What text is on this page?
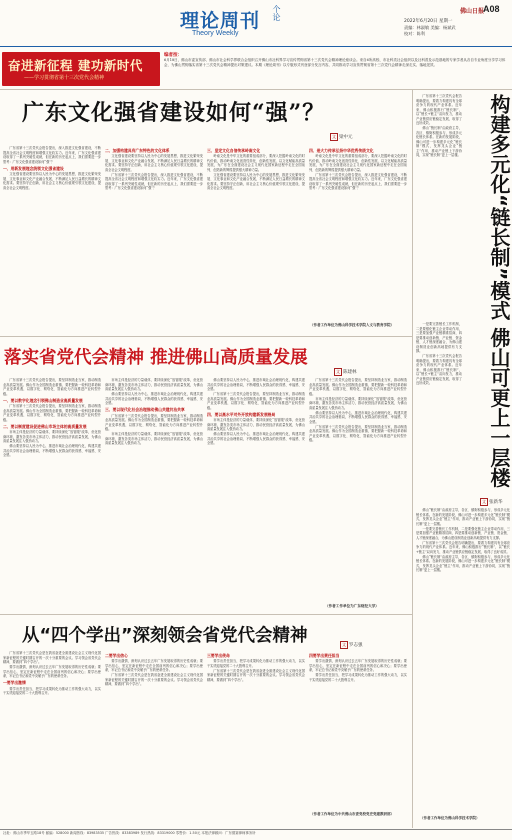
理论周刊 个论
Theory Weekly
佛山日报
A08
2022年6月20日 星期一
责编：林淑敏 美编：杨斌武
校对：陈利
奋进新征程 建功新时代
——学习贯彻省第十三次党代会精神
编者按：
6月18日，佛山市委宣传部、佛山市社会科学界联合会组织召开佛山市社科界学习宣传贯彻省第十三次党代会精神理论座谈会。来自6所高校、市社科类社会组织以及社科普及示范基地的专家学者从各自专业角度分享学习体会，为佛山贯彻落实省第十三次党代会精神提出对策建议。本期《理论周刊》以专版形式刊登部分发言内容，共同推动学习宣传贯彻省第十三次党代会精神走深走实、落地见效。
广东文化强省建设如何“强”？
文 梁中元

广东省第十三次党代会报告提出，深入推进文化强省建设，不断提高全省社会文明程度和增强文化软实力。近年来，广东文化强省建设取得了一系列突破性成就，但在新的历史起点上，我们需要进一步思考：广东文化强省建设如何“强”？

一、用新发展理念统领文化强省建设

文化强省建设要坚持以人民为中心的发展思想，推进文化繁荣发展、文化事业和文化产业融合发展，不断满足人民日益增长的精神文化需求。要坚持守正创新，用社会主义核心价值观引领文化建设，提高全社会文明程度。

二、加强构建具有广东特色的文化体系

文化强省建设要坚持以人民为中心的发展思想，推进文化繁荣发展、文化事业和文化产业融合发展，不断满足人民日益增长的精神文化需求。要坚持守正创新，用社会主义核心价值观引领文化建设，提高全社会文明程度。

广东省第十三次党代会报告提出，深入推进文化强省建设，不断提高全省社会文明程度和增强文化软实力。近年来，广东文化强省建设取得了一系列突破性成就，但在新的历史起点上，我们需要进一步思考：广东文化强省建设如何“强”？

三、坚定文化自信传承岭南文化

岭南文化是中华文化的重要组成部分，要深入挖掘岭南文化的时代价值，推动岭南文化创造性转化、创新性发展，以文化赋能高质量发展，为广东在全面建设社会主义现代化国家新征程中走在全国前列、创造新的辉煌提供强大精神力量。

文化强省建设要坚持以人民为中心的发展思想，推进文化繁荣发展、文化事业和文化产业融合发展，不断满足人民日益增长的精神文化需求。要坚持守正创新，用社会主义核心价值观引领文化建设，提高全社会文明程度。

四、是大力传承弘扬中华优秀传统文化

岭南文化是中华文化的重要组成部分，要深入挖掘岭南文化的时代价值，推动岭南文化创造性转化、创新性发展，以文化赋能高质量发展，为广东在全面建设社会主义现代化国家新征程中走在全国前列、创造新的辉煌提供强大精神力量。

广东省第十三次党代会报告提出，深入推进文化强省建设，不断提高全省社会文明程度和增强文化软实力。近年来，广东文化强省建设取得了一系列突破性成就，但在新的历史起点上，我们需要进一步思考：广东文化强省建设如何“强”？

（作者工作单位为佛山科学技术学院人文与教育学院）
落实省党代会精神 推进佛山高质量发展
文 陈建林

广东省第十三次党代会报告提出，要坚持制造业当家，推动制造业高质量发展。佛山作为全国制造业重镇，要把握新一轮科技革命和产业变革机遇，以数字化、网络化、智能化为方向推进产业转型升级。

一、要以数字化理念引领佛山制造业高质量发展

广东省第十三次党代会报告提出，要坚持制造业当家，推动制造业高质量发展。佛山作为全国制造业重镇，要把握新一轮科技革命和产业变革机遇，以数字化、网络化、智能化为方向推进产业转型升级。

二、要以制度建设促进佛山市场主体的高质量发展

市场主体是经济的力量载体，要持续深化“放管服”改革，优化营商环境，激发各类市场主体活力，推动民营经济高质量发展，为佛山高质量发展注入强劲动力。

佛山要坚持以人民为中心，推进市域社会治理现代化，构建共建共治共享的社会治理格局，不断增强人民群众的获得感、幸福感、安全感。

市场主体是经济的力量载体，要持续深化“放管服”改革，优化营商环境，激发各类市场主体活力，推动民营经济高质量发展，为佛山高质量发展注入强劲动力。

佛山要坚持以人民为中心，推进市域社会治理现代化，构建共建共治共享的社会治理格局，不断增强人民群众的获得感、幸福感、安全感。

三、要以现代化社会治理推动佛山共建共治共享

广东省第十三次党代会报告提出，要坚持制造业当家，推动制造业高质量发展。佛山作为全国制造业重镇，要把握新一轮科技革命和产业变革机遇，以数字化、网络化、智能化为方向推进产业转型升级。

市场主体是经济的力量载体，要持续深化“放管服”改革，优化营商环境，激发各类市场主体活力，推动民营经济高质量发展，为佛山高质量发展注入强劲动力。

佛山要坚持以人民为中心，推进市域社会治理现代化，构建共建共治共享的社会治理格局，不断增强人民群众的获得感、幸福感、安全感。

广东省第十三次党代会报告提出，要坚持制造业当家，推动制造业高质量发展。佛山作为全国制造业重镇，要把握新一轮科技革命和产业变革机遇，以数字化、网络化、智能化为方向推进产业转型升级。

四、要以高水平对外开放构建新发展格局

市场主体是经济的力量载体，要持续深化“放管服”改革，优化营商环境，激发各类市场主体活力，推动民营经济高质量发展，为佛山高质量发展注入强劲动力。

佛山要坚持以人民为中心，推进市域社会治理现代化，构建共建共治共享的社会治理格局，不断增强人民群众的获得感、幸福感、安全感。

广东省第十三次党代会报告提出，要坚持制造业当家，推动制造业高质量发展。佛山作为全国制造业重镇，要把握新一轮科技革命和产业变革机遇，以数字化、网络化、智能化为方向推进产业转型升级。

市场主体是经济的力量载体，要持续深化“放管服”改革，优化营商环境，激发各类市场主体活力，推动民营经济高质量发展，为佛山高质量发展注入强劲动力。

佛山要坚持以人民为中心，推进市域社会治理现代化，构建共建共治共享的社会治理格局，不断增强人民群众的获得感、幸福感、安全感。

广东省第十三次党代会报告提出，要坚持制造业当家，推动制造业高质量发展。佛山作为全国制造业重镇，要把握新一轮科技革命和产业变革机遇，以数字化、网络化、智能化为方向推进产业转型升级。

（作者工作单位为广东财经大学）
从“四个学出”深刻领会省党代会精神	文 罗志强

广东省第十三次党代会是在我省奋进全面建设社会主义现代化国家新征程的关键时期召开的一次十分重要的会议。学习领会省党代会精神，要做到“四个学出”。

要学出激情，深刻认识过去五年广东发展取得的历史性成就；要学出信心，坚定在新征程中走在全国前列的信心和决心；要学出使命，牢记总书记和党中央赋予广东的使命任务。

一要学出激情

要学出责任担当，把学习成果转化为推动工作的强大动力，以实干实绩迎接党的二十大胜利召开。

二要学出信心

要学出激情，深刻认识过去五年广东发展取得的历史性成就；要学出信心，坚定在新征程中走在全国前列的信心和决心；要学出使命，牢记总书记和党中央赋予广东的使命任务。

广东省第十三次党代会是在我省奋进全面建设社会主义现代化国家新征程的关键时期召开的一次十分重要的会议。学习领会省党代会精神，要做到“四个学出”。

三要学出使命

要学出责任担当，把学习成果转化为推动工作的强大动力，以实干实绩迎接党的二十大胜利召开。

广东省第十三次党代会是在我省奋进全面建设社会主义现代化国家新征程的关键时期召开的一次十分重要的会议。学习领会省党代会精神，要做到“四个学出”。

四要学出责任担当

要学出激情，深刻认识过去五年广东发展取得的历史性成就；要学出信心，坚定在新征程中走在全国前列的信心和决心；要学出使命，牢记总书记和党中央赋予广东的使命任务。

要学出责任担当，把学习成果转化为推动工作的强大动力，以实干实绩迎接党的二十大胜利召开。

（作者工作单位为中共佛山市委党校党史党建教研部）

广东省第十三次党代会报告明确提出，要着力构建具有全球竞争力的现代产业体系。近年来，佛山积极推行“链长制”，以“链长+链主”双向发力，推动产业链供应链稳定发展，取得了良好成效。

佛山“链长制”由政府主导，各区、镇街积极参与，形成多元化链长体系。在新的发展阶段，佛山可进一步构建多元化“链长制”模式，发挥龙头企业“链主”作用，推动产业链上下游协同，实现“链长制”更上一层楼。	构建多元化“链长制”模式 佛山可更上一层楼
文 张新华

一是要完善链长工作机制，二是要强化链主企业带动作用，三是要加强产业链精准招商，四是要推动创新链、产业链、资金链、人才链深度融合，为佛山建设制造业创新高地提供有力支撑。

广东省第十三次党代会报告明确提出，要着力构建具有全球竞争力的现代产业体系。近年来，佛山积极推行“链长制”，以“链长+链主”双向发力，推动产业链供应链稳定发展，取得了良好成效。

佛山“链长制”由政府主导，各区、镇街积极参与，形成多元化链长体系。在新的发展阶段，佛山可进一步构建多元化“链长制”模式，发挥龙头企业“链主”作用，推动产业链上下游协同，实现“链长制”更上一层楼。

一是要完善链长工作机制，二是要强化链主企业带动作用，三是要加强产业链精准招商，四是要推动创新链、产业链、资金链、人才链深度融合，为佛山建设制造业创新高地提供有力支撑。

广东省第十三次党代会报告明确提出，要着力构建具有全球竞争力的现代产业体系。近年来，佛山积极推行“链长制”，以“链长+链主”双向发力，推动产业链供应链稳定发展，取得了良好成效。

佛山“链长制”由政府主导，各区、镇街积极参与，形成多元化链长体系。在新的发展阶段，佛山可进一步构建多元化“链长制”模式，发挥龙头企业“链主”作用，推动产业链上下游协同，实现“链长制”更上一层楼。

（作者工作单位为佛山科学技术学院）
社址：佛山市季华五路18号 邮编：528000 新闻热线：83983535 广告热线：83383989 发行热线：83319000 零售价：1.50元 本报法律顾问：广东德赛律师事务所
